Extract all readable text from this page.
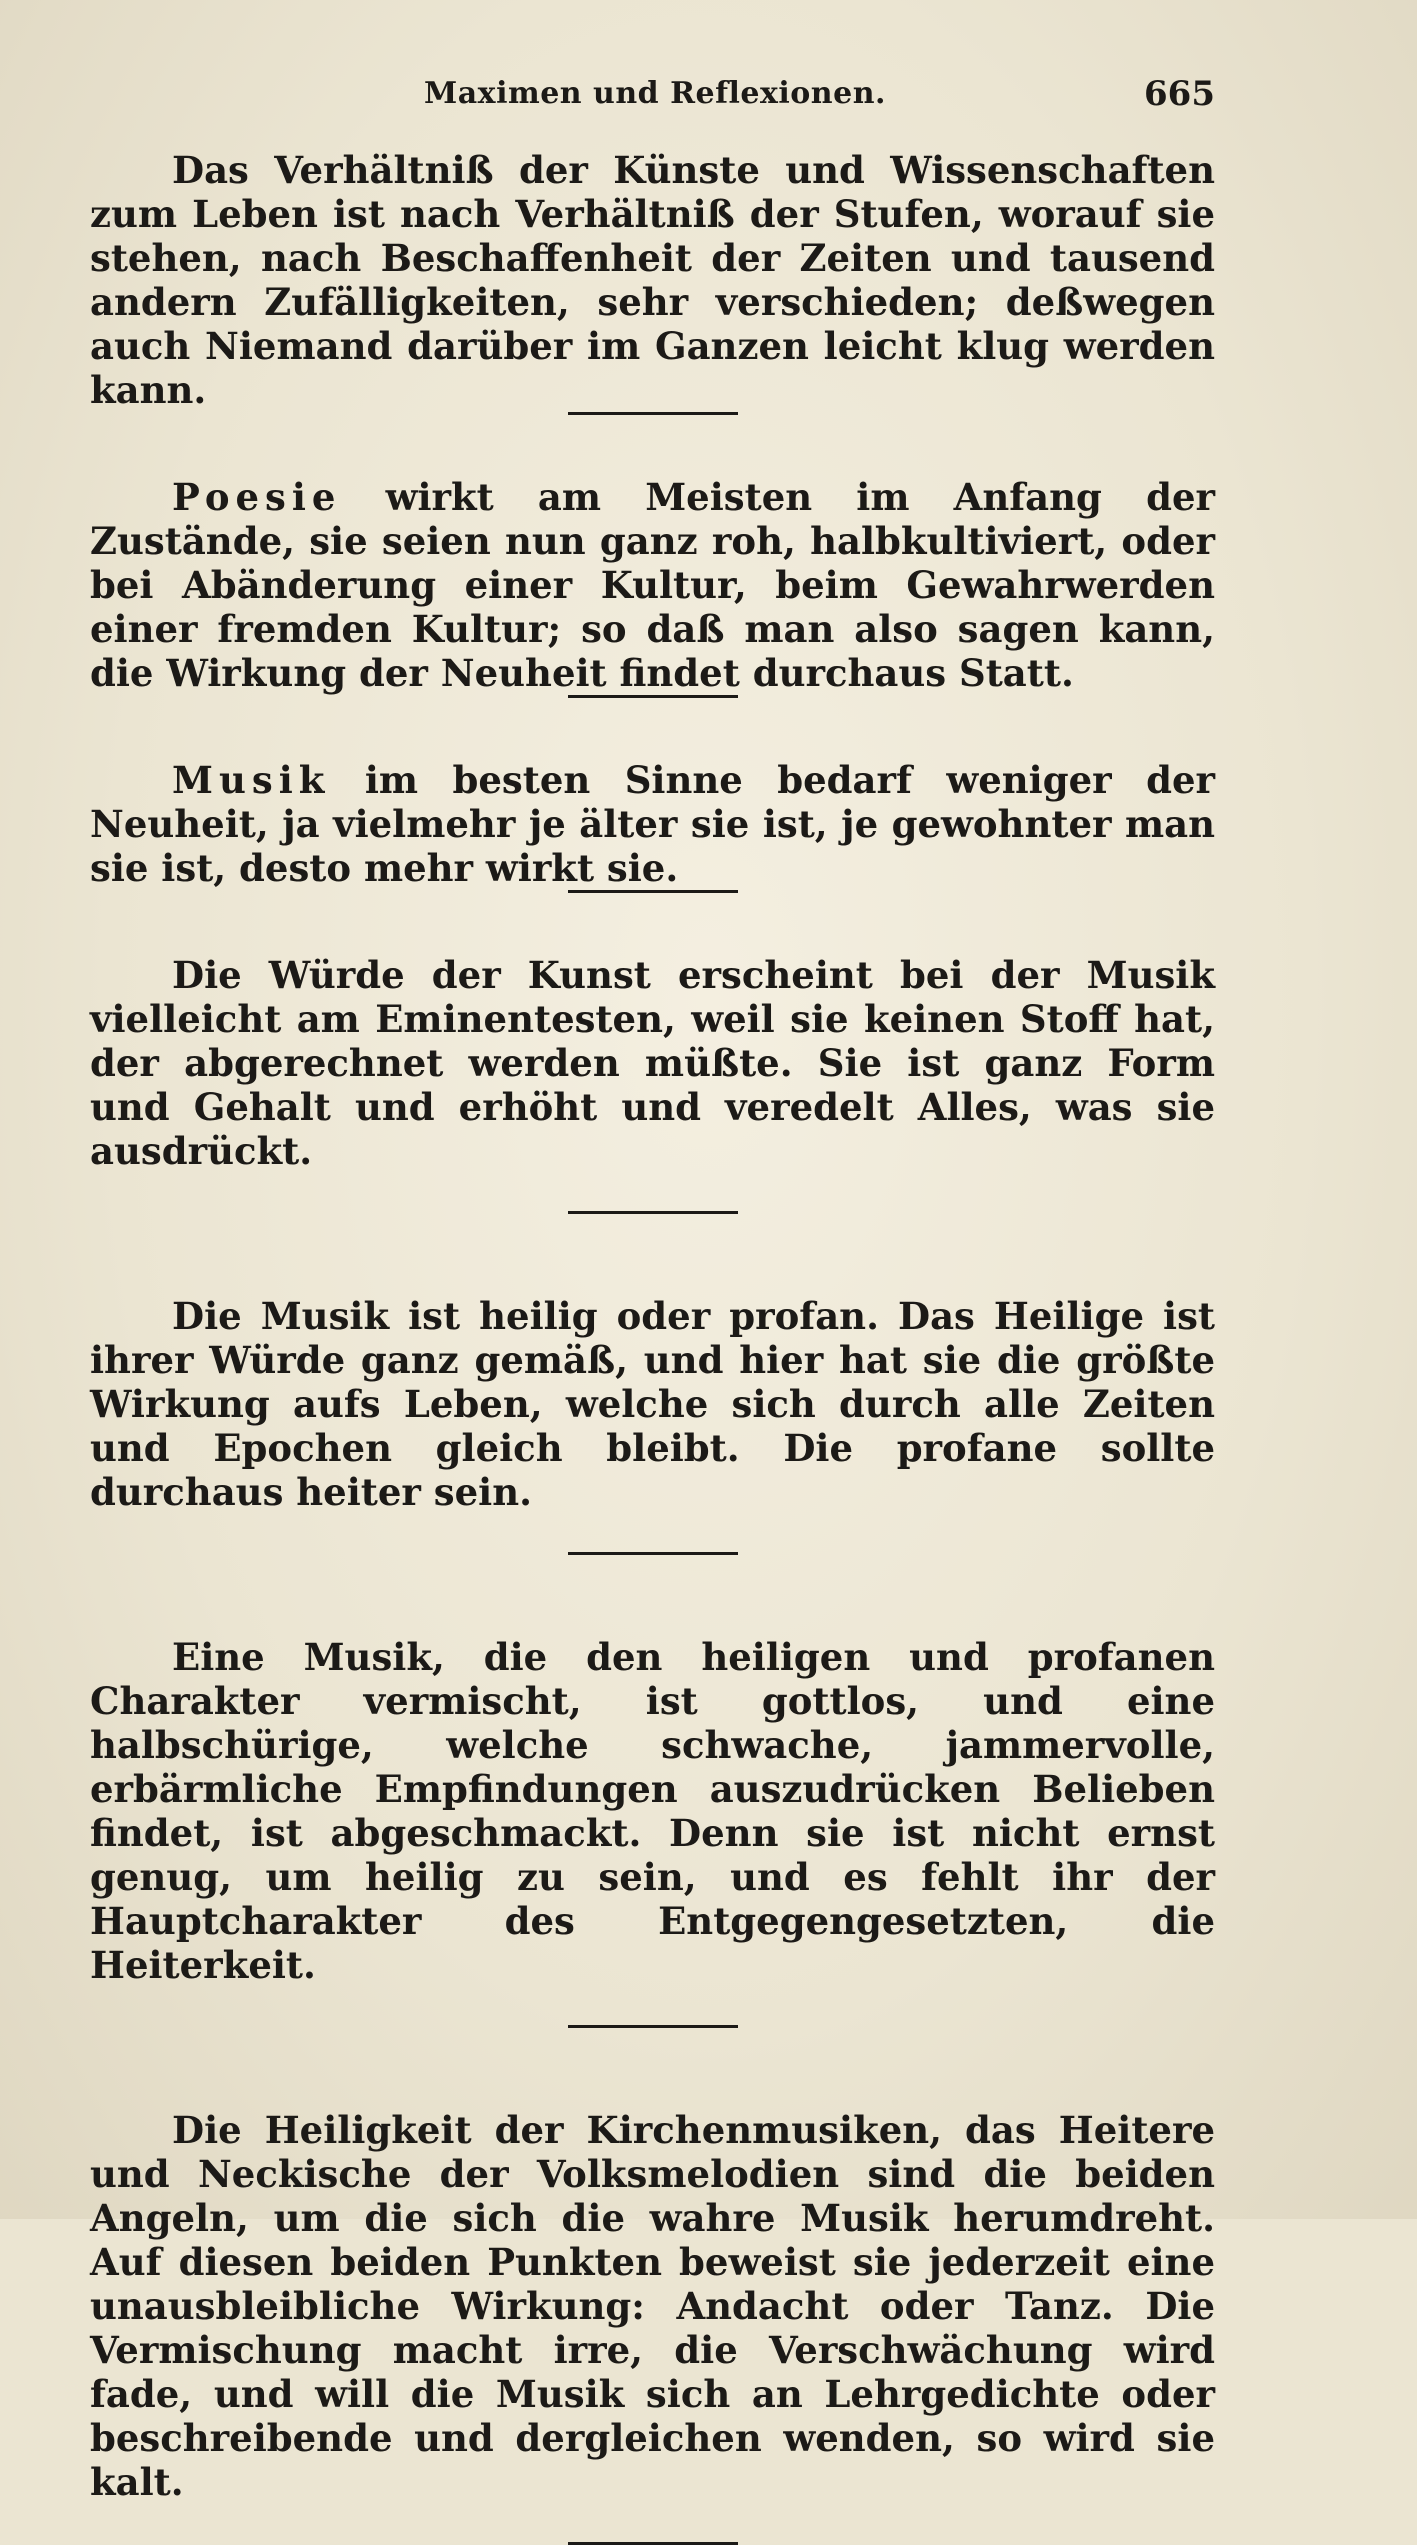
Maximen und Reflexionen.	665

Das Verhältniß der Künste und Wissenschaften zum Leben ist nach Verhältniß der Stufen, worauf sie stehen, nach Beschaffenheit der Zeiten und tausend andern Zufälligkeiten, sehr verschieden; deßwegen auch Niemand darüber im Ganzen leicht klug werden kann.

Poesie wirkt am Meisten im Anfang der Zustände, sie seien nun ganz roh, halbkultiviert, oder bei Abänderung einer Kultur, beim Gewahrwerden einer fremden Kultur; so daß man also sagen kann, die Wirkung der Neuheit findet durchaus Statt.

Musik im besten Sinne bedarf weniger der Neuheit, ja vielmehr je älter sie ist, je gewohnter man sie ist, desto mehr wirkt sie.

Die Würde der Kunst erscheint bei der Musik vielleicht am Eminentesten, weil sie keinen Stoff hat, der abgerechnet werden müßte. Sie ist ganz Form und Gehalt und erhöht und veredelt Alles, was sie ausdrückt.

Die Musik ist heilig oder profan. Das Heilige ist ihrer Würde ganz gemäß, und hier hat sie die größte Wirkung aufs Leben, welche sich durch alle Zeiten und Epochen gleich bleibt. Die profane sollte durchaus heiter sein.

Eine Musik, die den heiligen und profanen Charakter vermischt, ist gottlos, und eine halbschürige, welche schwache, jammervolle, erbärmliche Empfindungen auszudrücken Belieben findet, ist abgeschmackt. Denn sie ist nicht ernst genug, um heilig zu sein, und es fehlt ihr der Hauptcharakter des Entgegengesetzten, die Heiterkeit.

Die Heiligkeit der Kirchenmusiken, das Heitere und Neckische der Volksmelodien sind die beiden Angeln, um die sich die wahre Musik herumdreht. Auf diesen beiden Punkten beweist sie jederzeit eine unausbleibliche Wirkung: Andacht oder Tanz. Die Vermischung macht irre, die Verschwächung wird fade, und will die Musik sich an Lehrgedichte oder beschreibende und dergleichen wenden, so wird sie kalt.
